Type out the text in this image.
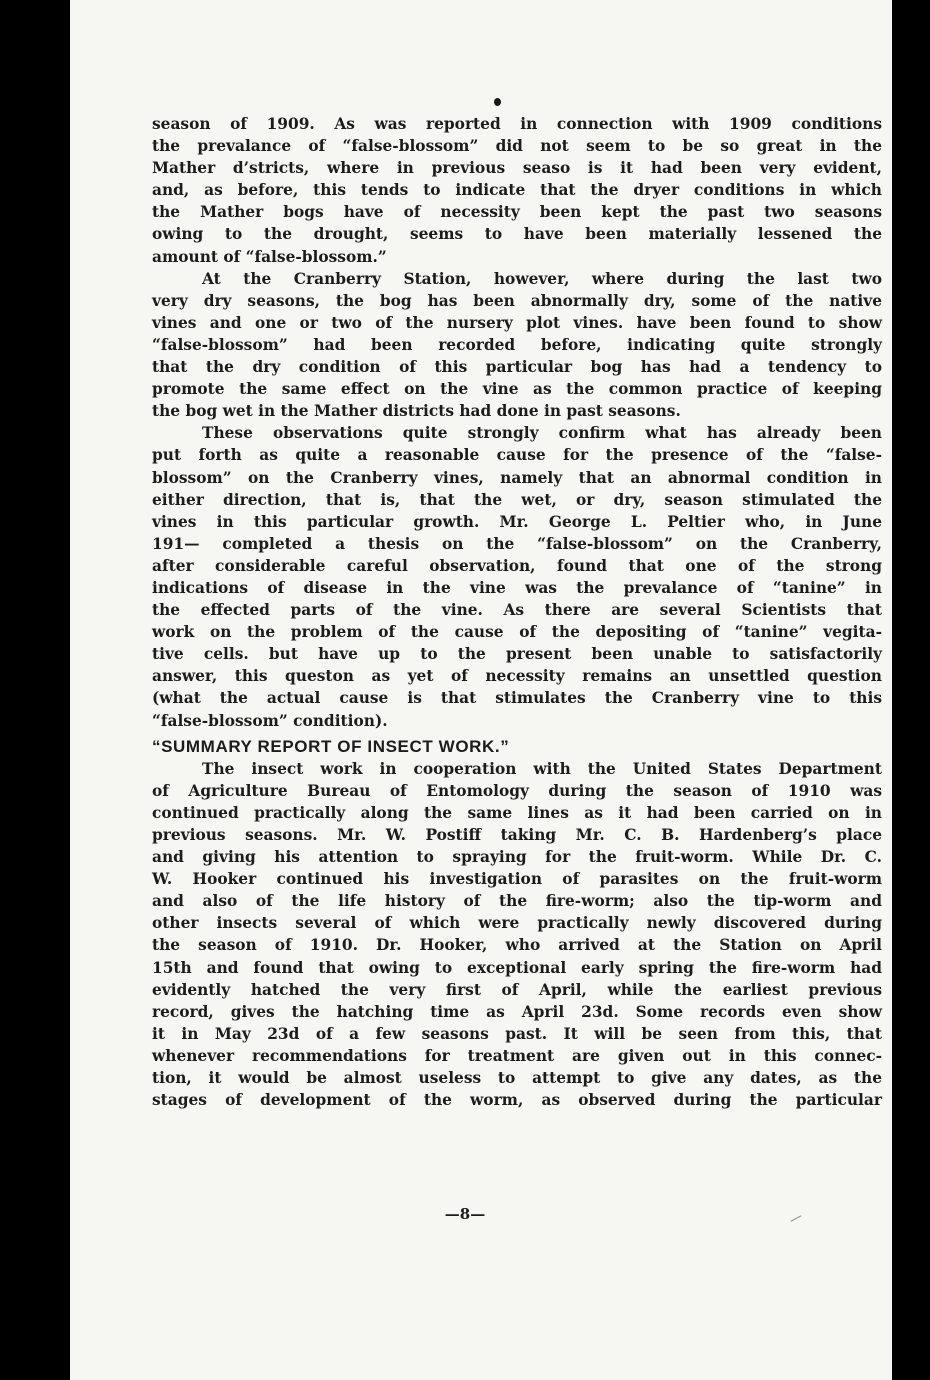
season of 1909. As was reported in connection with 1909 conditions
the prevalance of “false-blossom” did not seem to be so great in the
Mather d’stricts, where in previous seaso is it had been very evident,
and, as before, this tends to indicate that the dryer conditions in which
the Mather bogs have of necessity been kept the past two seasons
owing to the drought, seems to have been materially lessened the
amount of “false-blossom.”
At the Cranberry Station, however, where during the last two
very dry seasons, the bog has been abnormally dry, some of the native
vines and one or two of the nursery plot vines. have been found to show
“false-blossom” had been recorded before, indicating quite strongly
that the dry condition of this particular bog has had a tendency to
promote the same effect on the vine as the common practice of keeping
the bog wet in the Mather districts had done in past seasons.
These observations quite strongly confirm what has already been
put forth as quite a reasonable cause for the presence of the “false-
blossom” on the Cranberry vines, namely that an abnormal condition in
either direction, that is, that the wet, or dry, season stimulated the
vines in this particular growth. Mr. George L. Peltier who, in June
191— completed a thesis on the “false-blossom” on the Cranberry,
after considerable careful observation, found that one of the strong
indications of disease in the vine was the prevalance of “tanine” in
the effected parts of the vine. As there are several Scientists that
work on the problem of the cause of the depositing of “tanine” vegita-
tive cells. but have up to the present been unable to satisfactorily
answer, this queston as yet of necessity remains an unsettled question
(what the actual cause is that stimulates the Cranberry vine to this
“false-blossom” condition).
“SUMMARY REPORT OF INSECT WORK.”
The insect work in cooperation with the United States Department
of Agriculture Bureau of Entomology during the season of 1910 was
continued practically along the same lines as it had been carried on in
previous seasons. Mr. W. Postiff taking Mr. C. B. Hardenberg’s place
and giving his attention to spraying for the fruit-worm. While Dr. C.
W. Hooker continued his investigation of parasites on the fruit-worm
and also of the life history of the fire-worm; also the tip-worm and
other insects several of which were practically newly discovered during
the season of 1910. Dr. Hooker, who arrived at the Station on April
15th and found that owing to exceptional early spring the fire-worm had
evidently hatched the very first of April, while the earliest previous
record, gives the hatching time as April 23d. Some records even show
it in May 23d of a few seasons past. It will be seen from this, that
whenever recommendations for treatment are given out in this connec-
tion, it would be almost useless to attempt to give any dates, as the
stages of development of the worm, as observed during the particular
—8—
